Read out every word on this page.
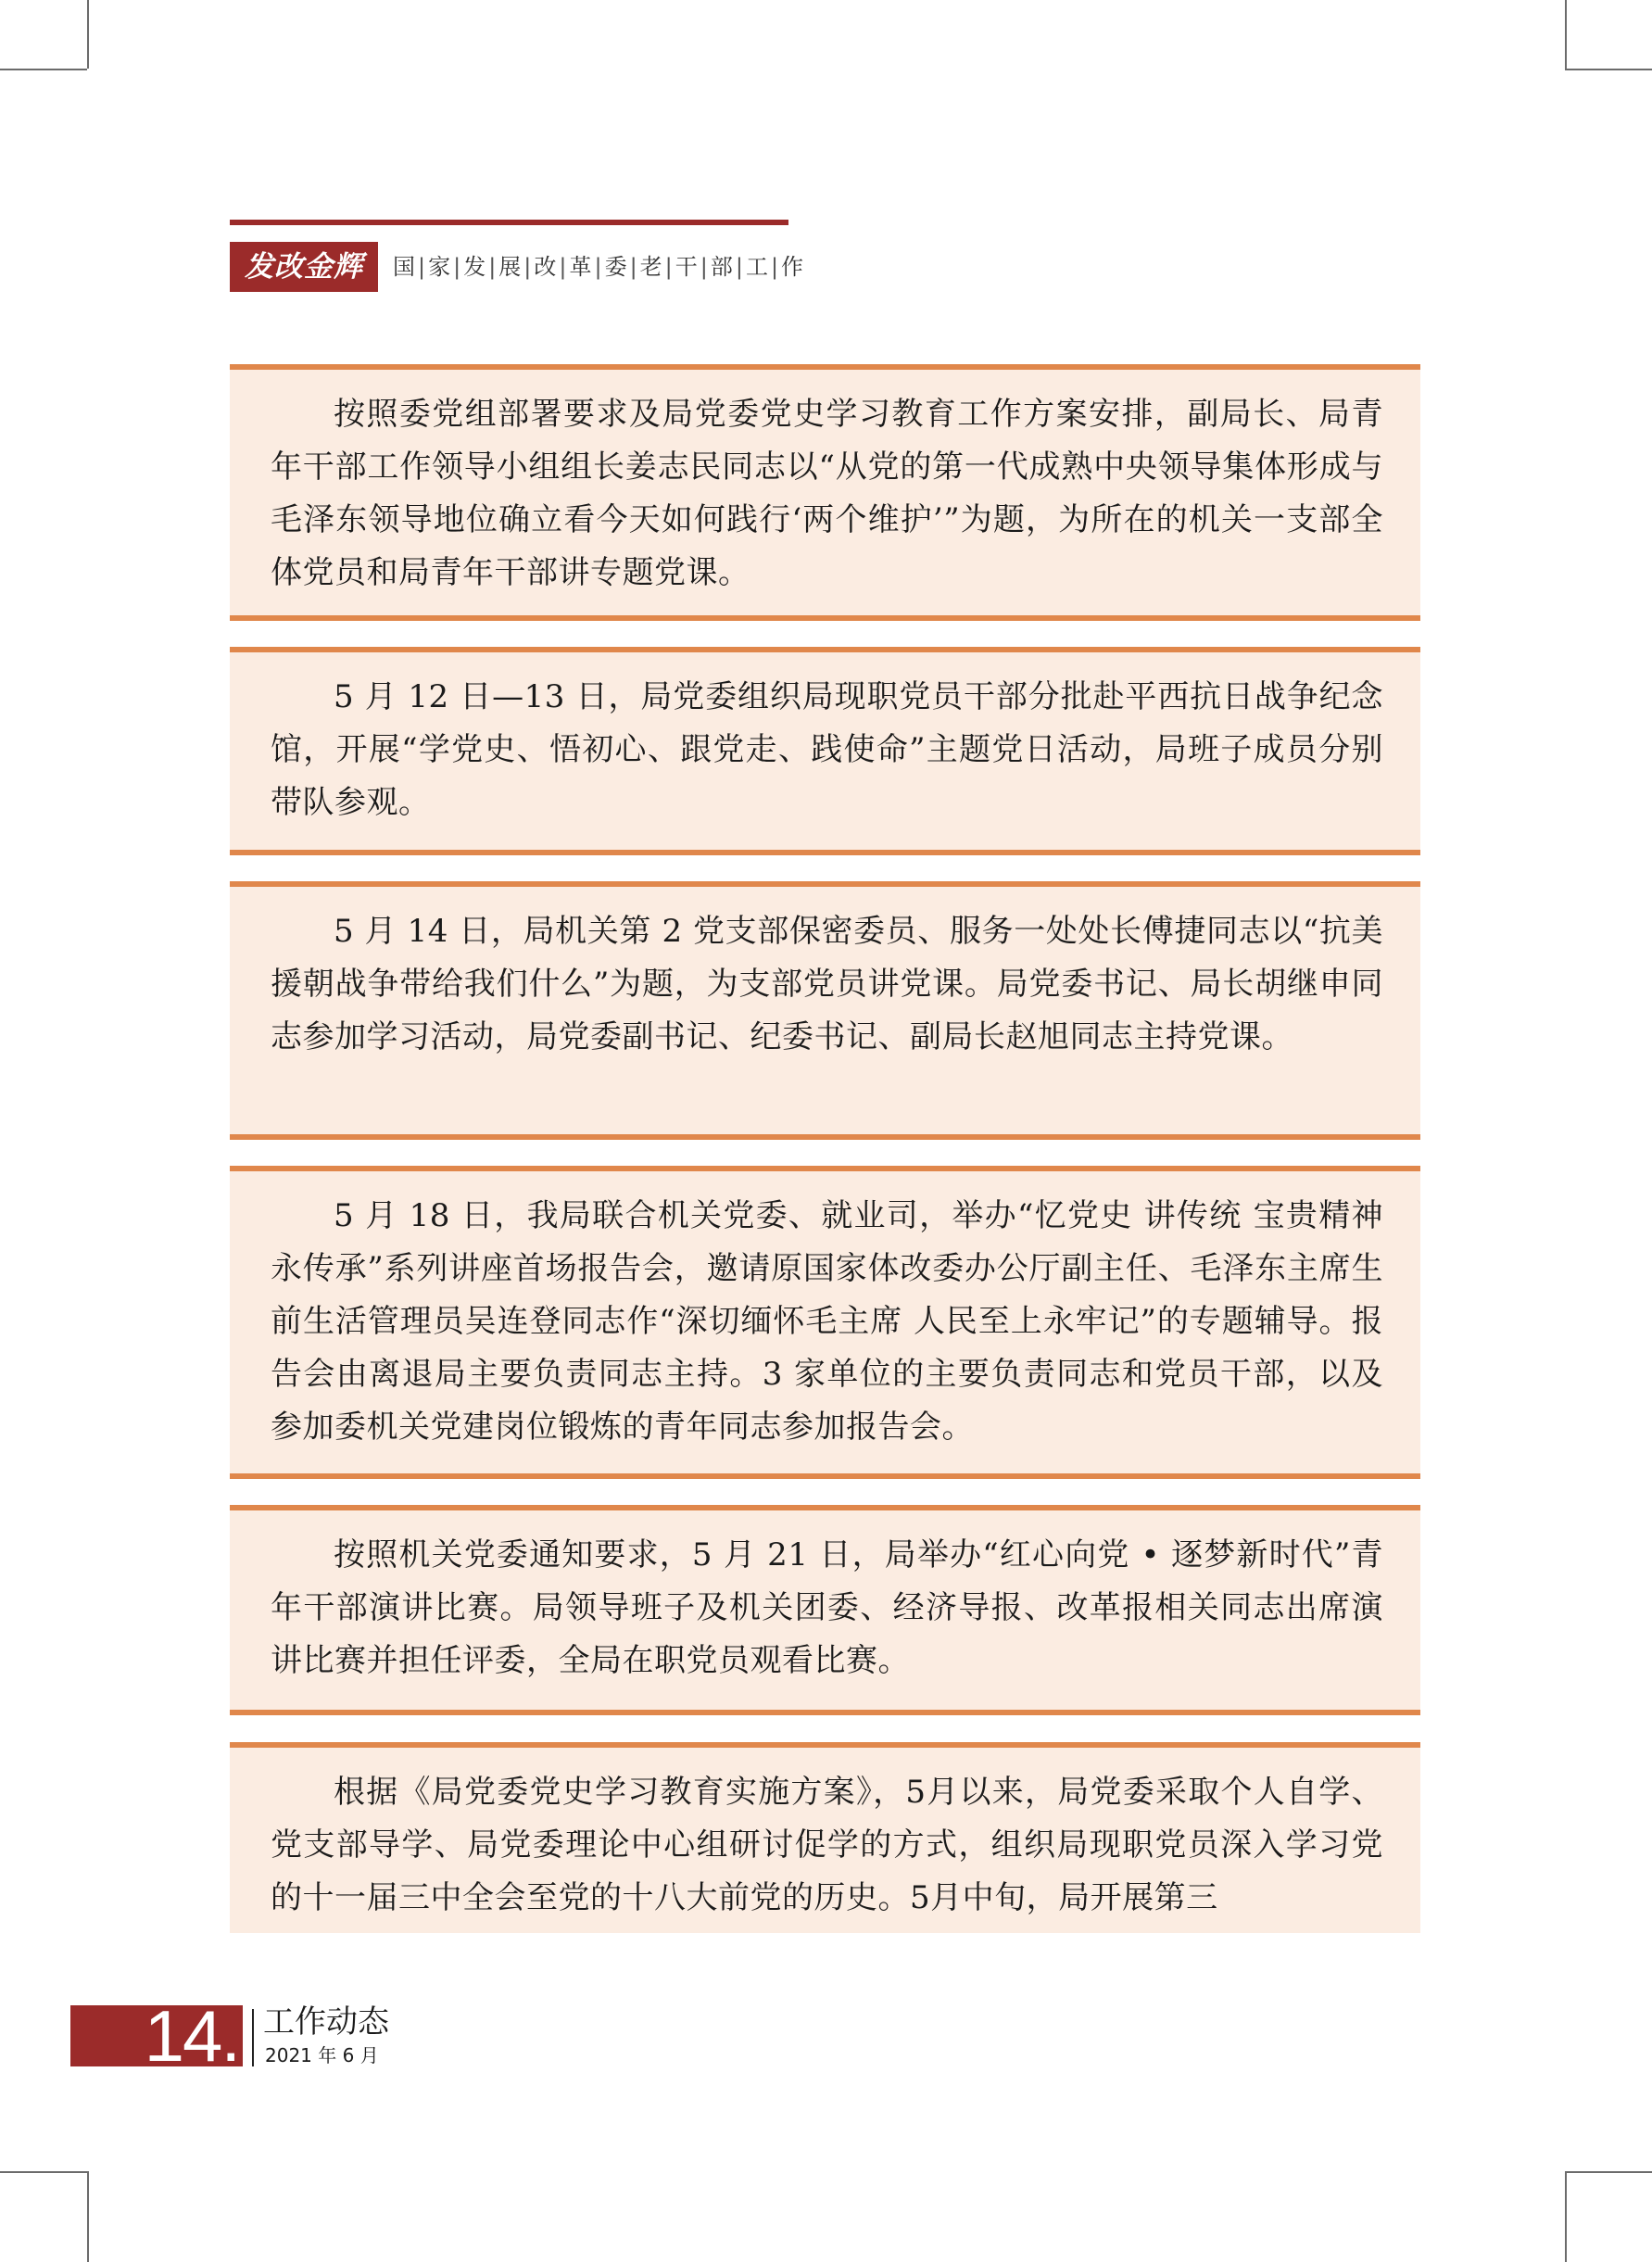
发改金辉	国 | 家 | 发 | 展 | 改 | 革 | 委 | 老 | 干 | 部 | 工 | 作

按照委党组部署要求及局党委党史学习教育工作方案安排，副局长、局青年干部工作领导小组组长姜志民同志以“从党的第一代成熟中央领导集体形成与毛泽东领导地位确立看今天如何践行‘两个维护’”为题，为所在的机关一支部全体党员和局青年干部讲专题党课。

5 月 12 日—13 日，局党委组织局现职党员干部分批赴平西抗日战争纪念馆，开展“学党史、悟初心、跟党走、践使命”主题党日活动，局班子成员分别带队参观。

5 月 14 日，局机关第 2 党支部保密委员、服务一处处长傅捷同志以“抗美援朝战争带给我们什么”为题，为支部党员讲党课。局党委书记、局长胡继申同志参加学习活动，局党委副书记、纪委书记、副局长赵旭同志主持党课。

5 月 18 日，我局联合机关党委、就业司，举办“忆党史 讲传统 宝贵精神永传承”系列讲座首场报告会，邀请原国家体改委办公厅副主任、毛泽东主席生前生活管理员吴连登同志作“深切缅怀毛主席 人民至上永牢记”的专题辅导。报告会由离退局主要负责同志主持。3 家单位的主要负责同志和党员干部，以及参加委机关党建岗位锻炼的青年同志参加报告会。

按照机关党委通知要求，5 月 21 日，局举办“红心向党 • 逐梦新时代”青年干部演讲比赛。局领导班子及机关团委、经济导报、改革报相关同志出席演讲比赛并担任评委，全局在职党员观看比赛。

根据《局党委党史学习教育实施方案》，5月以来，局党委采取个人自学、党支部导学、局党委理论中心组研讨促学的方式，组织局现职党员深入学习党的十一届三中全会至党的十八大前党的历史。5月中旬，局开展第三

14. 工作动态
2021 年 6 月
